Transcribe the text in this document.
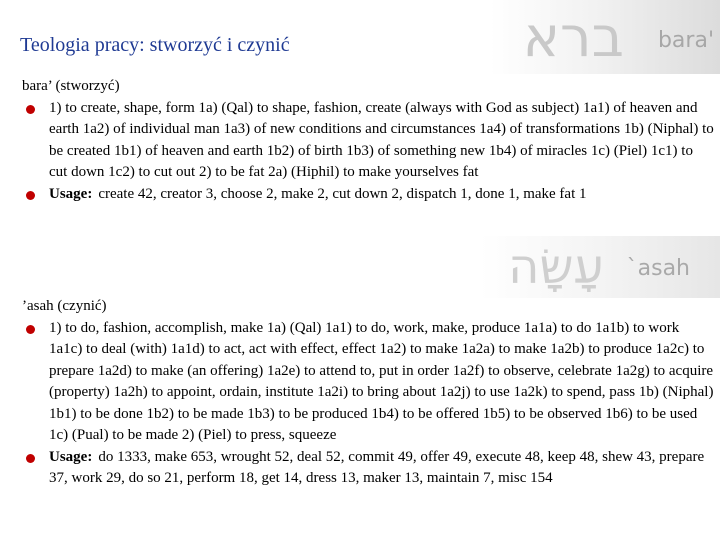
Teologia pracy: stworzyć i czynić	ברא bara'

bara’ (stworzyć)

1) to create, shape, form 1a) (Qal) to shape, fashion, create (always with God as subject) 1a1) of heaven and earth 1a2) of individual man 1a3) of new conditions and circumstances 1a4) of transformations 1b) (Niphal) to be created 1b1) of heaven and earth 1b2) of birth 1b3) of something new 1b4) of miracles 1c) (Piel) 1c1) to cut down 1c2) to cut out 2) to be fat 2a) (Hiphil) to make yourselves fat
Usage: create 42, creator 3, choose 2, make 2, cut down 2, dispatch 1, done 1, make fat 1
עָשָׂה `asah

’asah (czynić)

1) to do, fashion, accomplish, make 1a) (Qal) 1a1) to do, work, make, produce 1a1a) to do 1a1b) to work 1a1c) to deal (with) 1a1d) to act, act with effect, effect 1a2) to make 1a2a) to make 1a2b) to produce 1a2c) to prepare 1a2d) to make (an offering) 1a2e) to attend to, put in order 1a2f) to observe, celebrate 1a2g) to acquire (property) 1a2h) to appoint, ordain, institute 1a2i) to bring about 1a2j) to use 1a2k) to spend, pass 1b) (Niphal) 1b1) to be done 1b2) to be made 1b3) to be produced 1b4) to be offered 1b5) to be observed 1b6) to be used 1c) (Pual) to be made 2) (Piel) to press, squeeze
Usage: do 1333, make 653, wrought 52, deal 52, commit 49, offer 49, execute 48, keep 48, shew 43, prepare 37, work 29, do so 21, perform 18, get 14, dress 13, maker 13, maintain 7, misc 154
